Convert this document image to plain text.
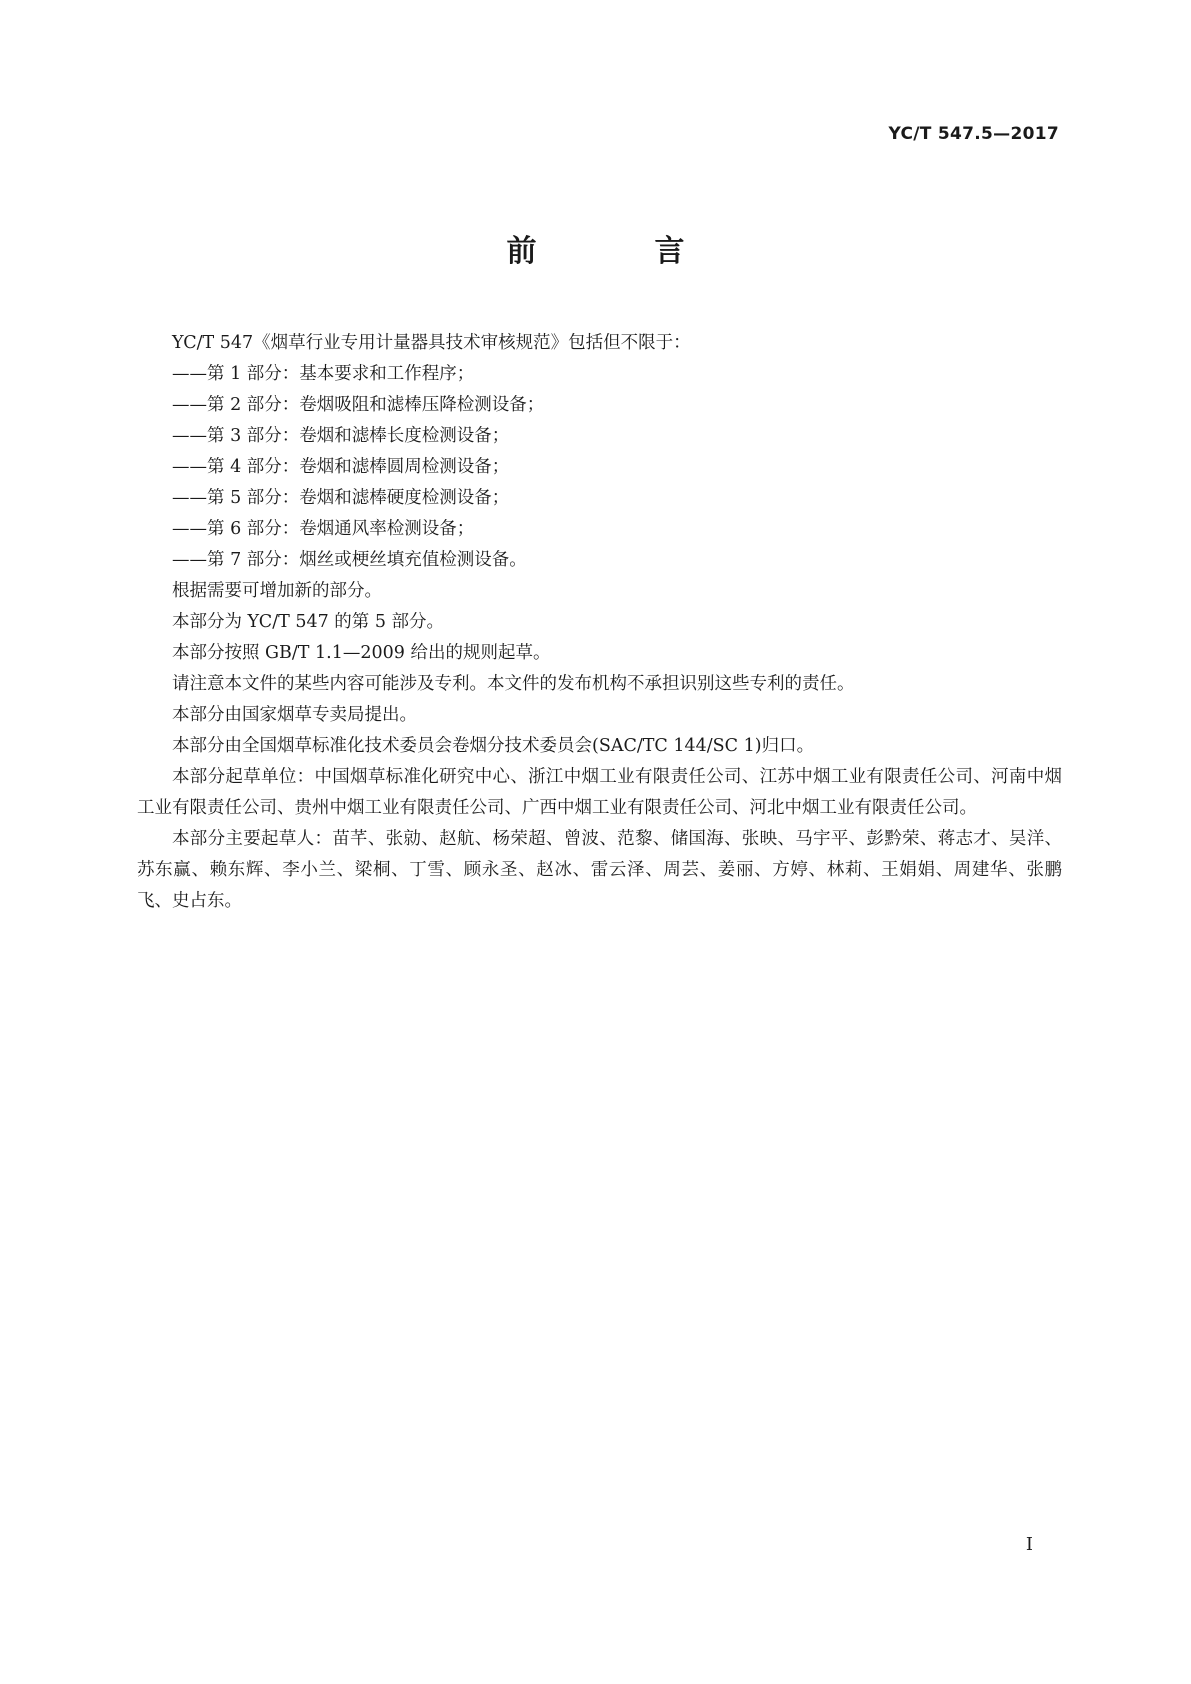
YC/T 547.5—2017
前　言

YC/T 547《烟草行业专用计量器具技术审核规范》包括但不限于：

——第 1 部分：基本要求和工作程序；

——第 2 部分：卷烟吸阻和滤棒压降检测设备；

——第 3 部分：卷烟和滤棒长度检测设备；

——第 4 部分：卷烟和滤棒圆周检测设备；

——第 5 部分：卷烟和滤棒硬度检测设备；

——第 6 部分：卷烟通风率检测设备；

——第 7 部分：烟丝或梗丝填充值检测设备。

根据需要可增加新的部分。

本部分为 YC/T 547 的第 5 部分。

本部分按照 GB/T 1.1—2009 给出的规则起草。

请注意本文件的某些内容可能涉及专利。本文件的发布机构不承担识别这些专利的责任。

本部分由国家烟草专卖局提出。

本部分由全国烟草标准化技术委员会卷烟分技术委员会(SAC/TC 144/SC 1)归口。

本部分起草单位：中国烟草标准化研究中心、浙江中烟工业有限责任公司、江苏中烟工业有限责任公司、河南中烟工业有限责任公司、贵州中烟工业有限责任公司、广西中烟工业有限责任公司、河北中烟工业有限责任公司。

本部分主要起草人：苗芊、张勍、赵航、杨荣超、曾波、范黎、储国海、张映、马宇平、彭黔荣、蒋志才、吴洋、苏东赢、赖东辉、李小兰、梁桐、丁雪、顾永圣、赵冰、雷云泽、周芸、姜丽、方婷、林莉、王娟娟、周建华、张鹏飞、史占东。

I
